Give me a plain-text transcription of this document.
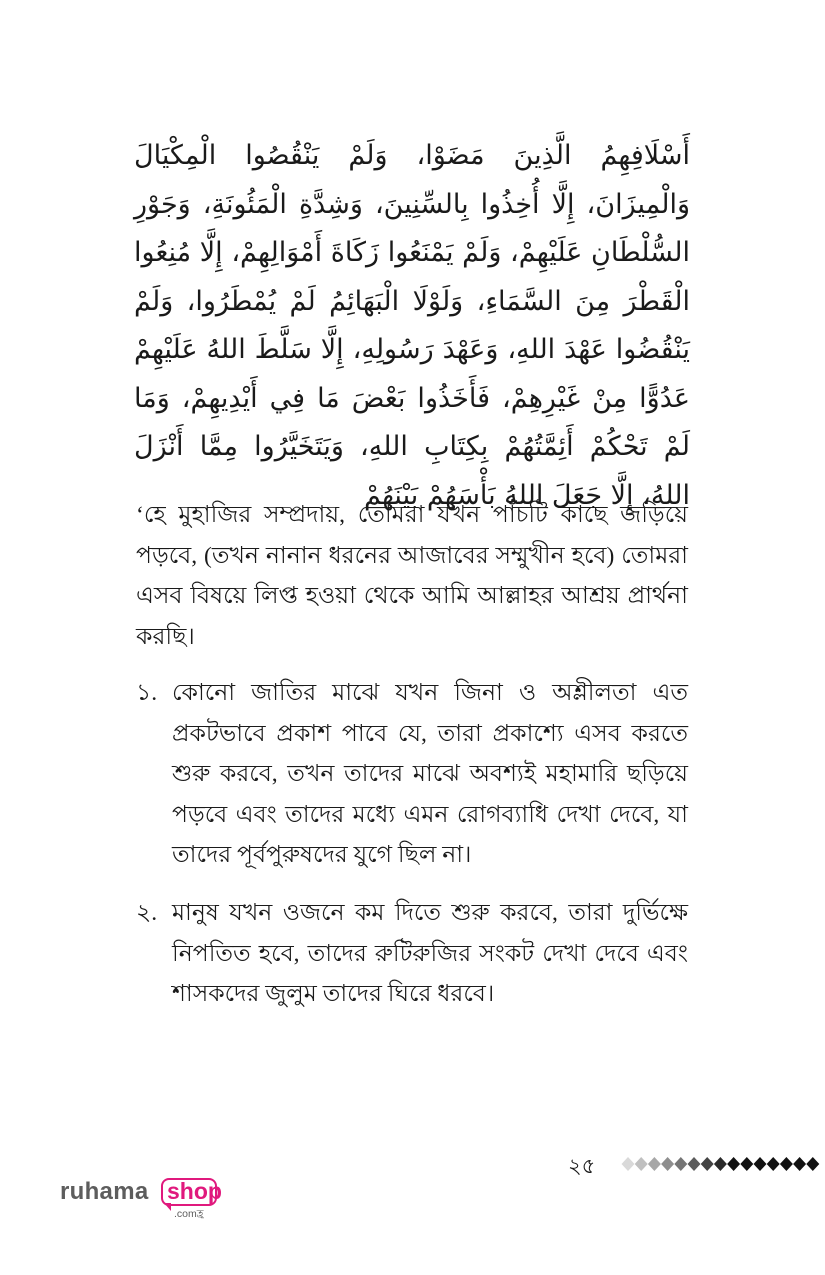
أَسْلَافِهِمُ الَّذِينَ مَضَوْا، وَلَمْ يَنْقُصُوا الْمِكْيَالَ وَالْمِيزَانَ، إِلَّا أُخِذُوا بِالسِّنِينَ، وَشِدَّةِ الْمَئُونَةِ، وَجَوْرِ السُّلْطَانِ عَلَيْهِمْ، وَلَمْ يَمْنَعُوا زَكَاةَ أَمْوَالِهِمْ، إِلَّا مُنِعُوا الْقَطْرَ مِنَ السَّمَاءِ، وَلَوْلَا الْبَهَائِمُ لَمْ يُمْطَرُوا، وَلَمْ يَنْقُضُوا عَهْدَ اللهِ، وَعَهْدَ رَسُولِهِ، إِلَّا سَلَّطَ اللهُ عَلَيْهِمْ عَدُوًّا مِنْ غَيْرِهِمْ، فَأَخَذُوا بَعْضَ مَا فِي أَيْدِيهِمْ، وَمَا لَمْ تَحْكُمْ أَئِمَّتُهُمْ بِكِتَابِ اللهِ، وَيَتَخَيَّرُوا مِمَّا أَنْزَلَ اللهُ، إِلَّا جَعَلَ اللهُ بَأْسَهُمْ بَيْنَهُمْ

‘হে মুহাজির সম্প্রদায়, তোমরা যখন পাঁচটি কাছে জড়িয়ে পড়বে, (তখন নানান ধরনের আজাবের সম্মুখীন হবে) তোমরা এসব বিষয়ে লিপ্ত হওয়া থেকে আমি আল্লাহর আশ্রয় প্রার্থনা করছি।

১. কোনো জাতির মাঝে যখন জিনা ও অশ্লীলতা এত প্রকটভাবে প্রকাশ পাবে যে, তারা প্রকাশ্যে এসব করতে শুরু করবে, তখন তাদের মাঝে অবশ্যই মহামারি ছড়িয়ে পড়বে এবং তাদের মধ্যে এমন রোগব্যাধি দেখা দেবে, যা তাদের পূর্বপুরুষদের যুগে ছিল না।
২. মানুষ যখন ওজনে কম দিতে শুরু করবে, তারা দুর্ভিক্ষে নিপতিত হবে, তাদের রুটিরুজির সংকট দেখা দেবে এবং শাসকদের জুলুম তাদের ঘিরে ধরবে।
২৫
ruhama shop
.comহ্র
